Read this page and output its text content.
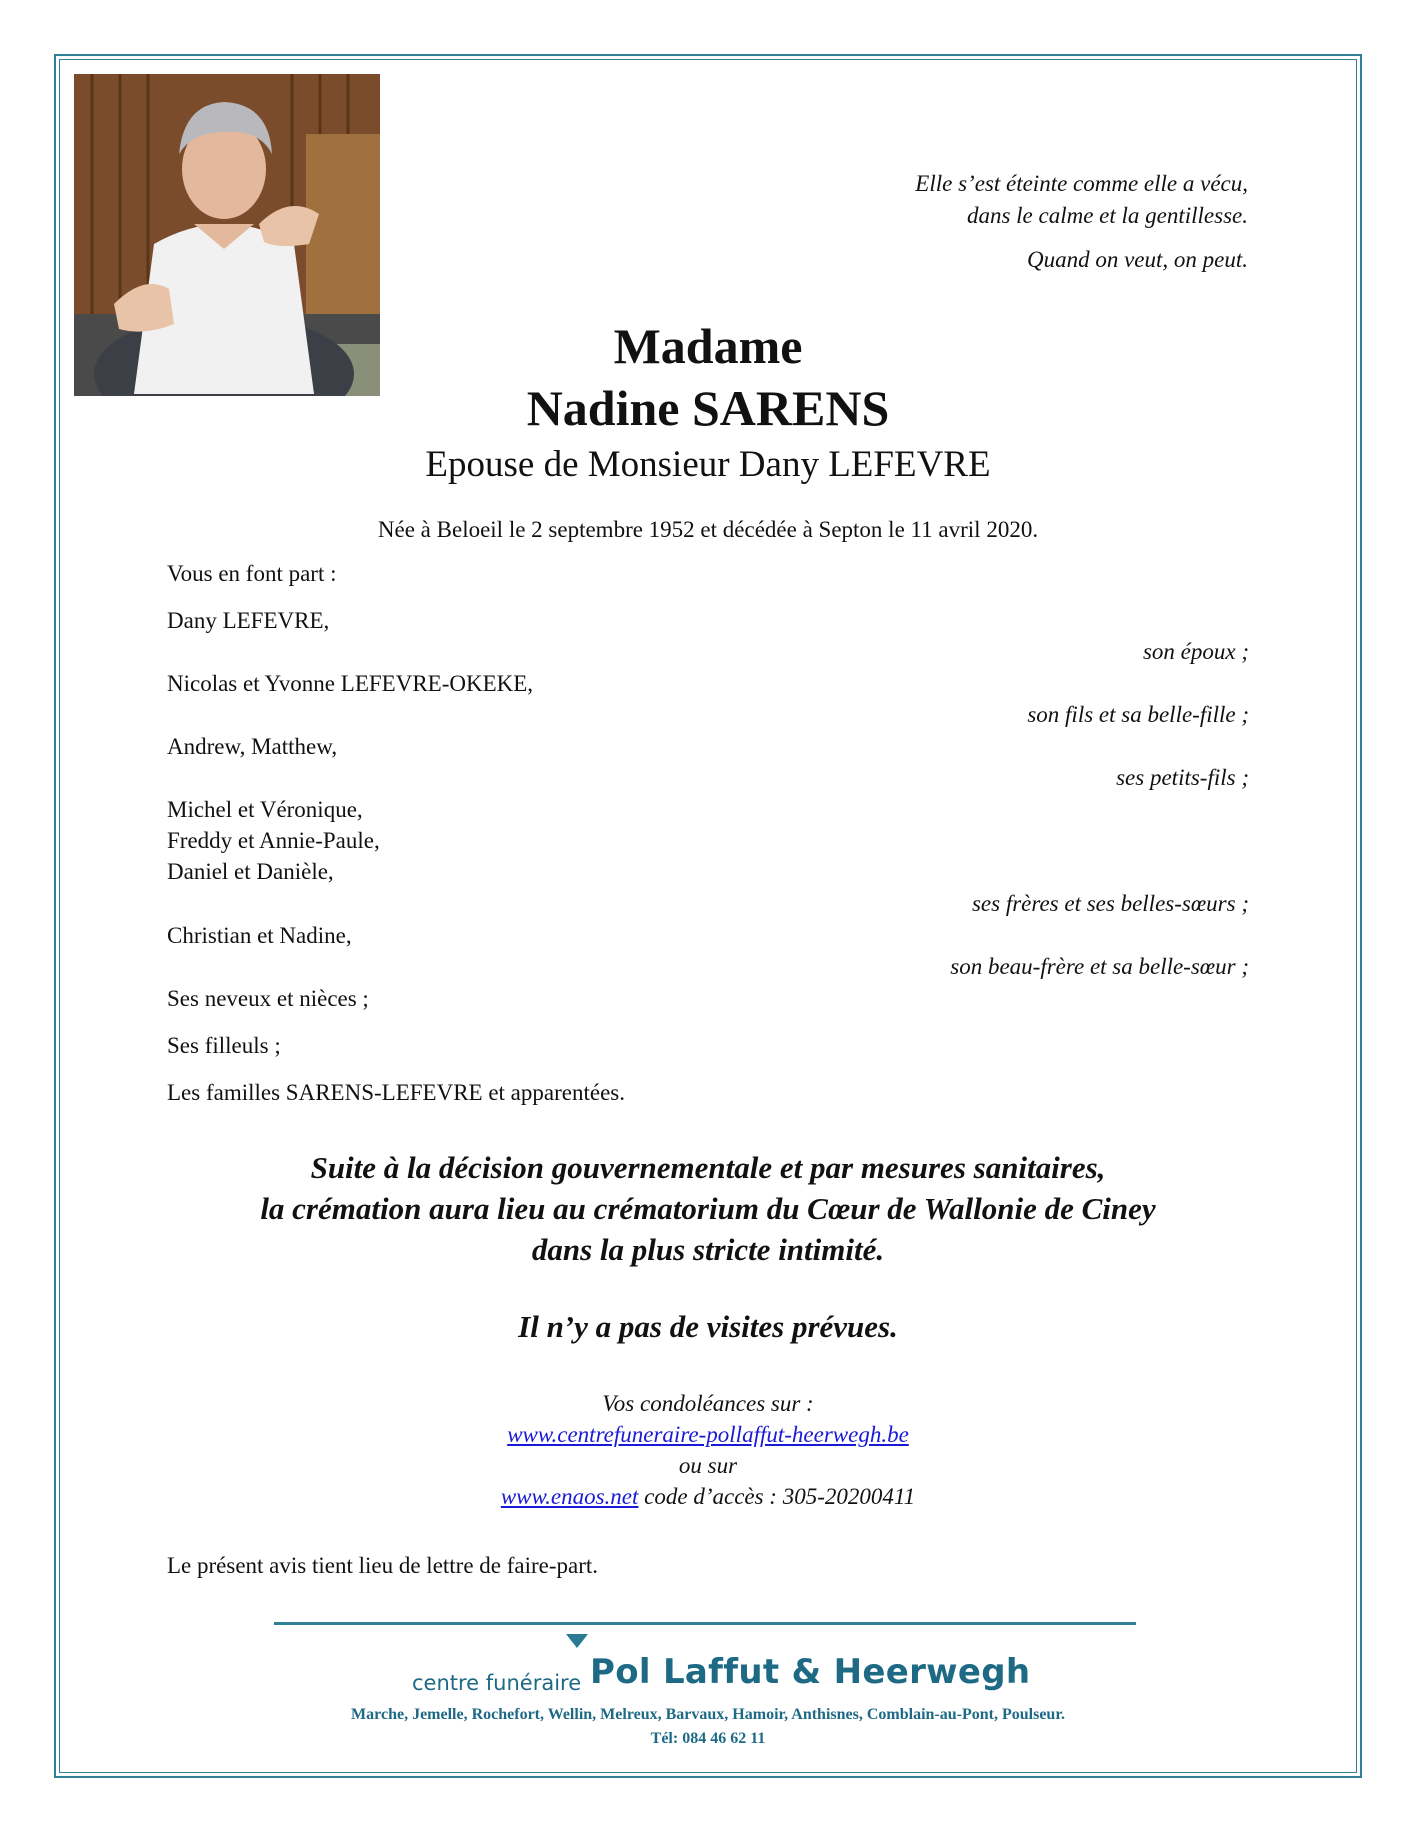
Elle s’est éteinte comme elle a vécu,
dans le calme et la gentillesse.
Quand on veut, on peut.
Madame
Nadine SARENS
Epouse de Monsieur Dany LEFEVRE
Née à Beloeil le 2 septembre 1952 et décédée à Septon le 11 avril 2020.
Vous en font part :
Dany LEFEVRE,
son époux ;
Nicolas et Yvonne LEFEVRE-OKEKE,
son fils et sa belle-fille ;
Andrew, Matthew,
ses petits-fils ;
Michel et Véronique,
Freddy et Annie-Paule,
Daniel et Danièle,
ses frères et ses belles-sœurs ;
Christian et Nadine,
son beau-frère et sa belle-sœur ;
Ses neveux et nièces ;
Ses filleuls ;
Les familles SARENS-LEFEVRE et apparentées.
Suite à la décision gouvernementale et par mesures sanitaires,
la crémation aura lieu au crématorium du Cœur de Wallonie de Ciney
dans la plus stricte intimité.
Il n’y a pas de visites prévues.
Vos condoléances sur :
www.centrefuneraire-pollaffut-heerwegh.be
ou sur
www.enaos.net code d’accès : 305-20200411
Le présent avis tient lieu de lettre de faire-part.
centre funéraire Pol Laffut & Heerwegh
Marche, Jemelle, Rochefort, Wellin, Melreux, Barvaux, Hamoir, Anthisnes, Comblain-au-Pont, Poulseur.
Tél: 084 46 62 11
